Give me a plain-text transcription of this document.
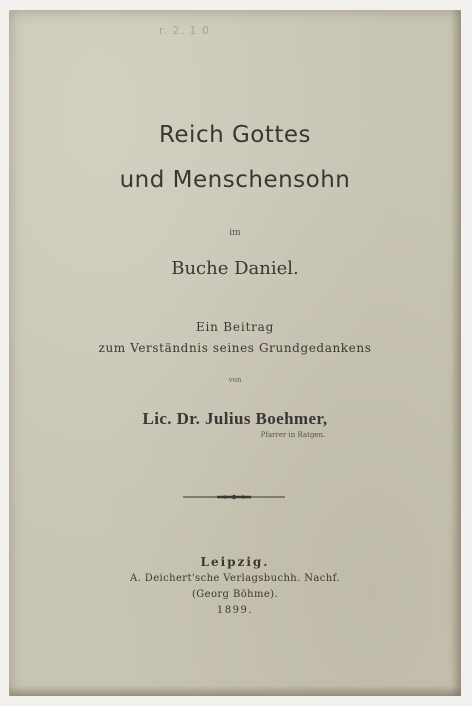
r. 2. 1 0
Reich Gottes
und Menschensohn
im
Buche Daniel.
Ein Beitrag
zum Verständnis seines Grundgedankens
von
Lic. Dr. Julius Boehmer,
Pfarrer in Ratgen.
Leipzig.
A. Deichert'sche Verlagsbuchh. Nachf.
(Georg Böhme).
1899.
